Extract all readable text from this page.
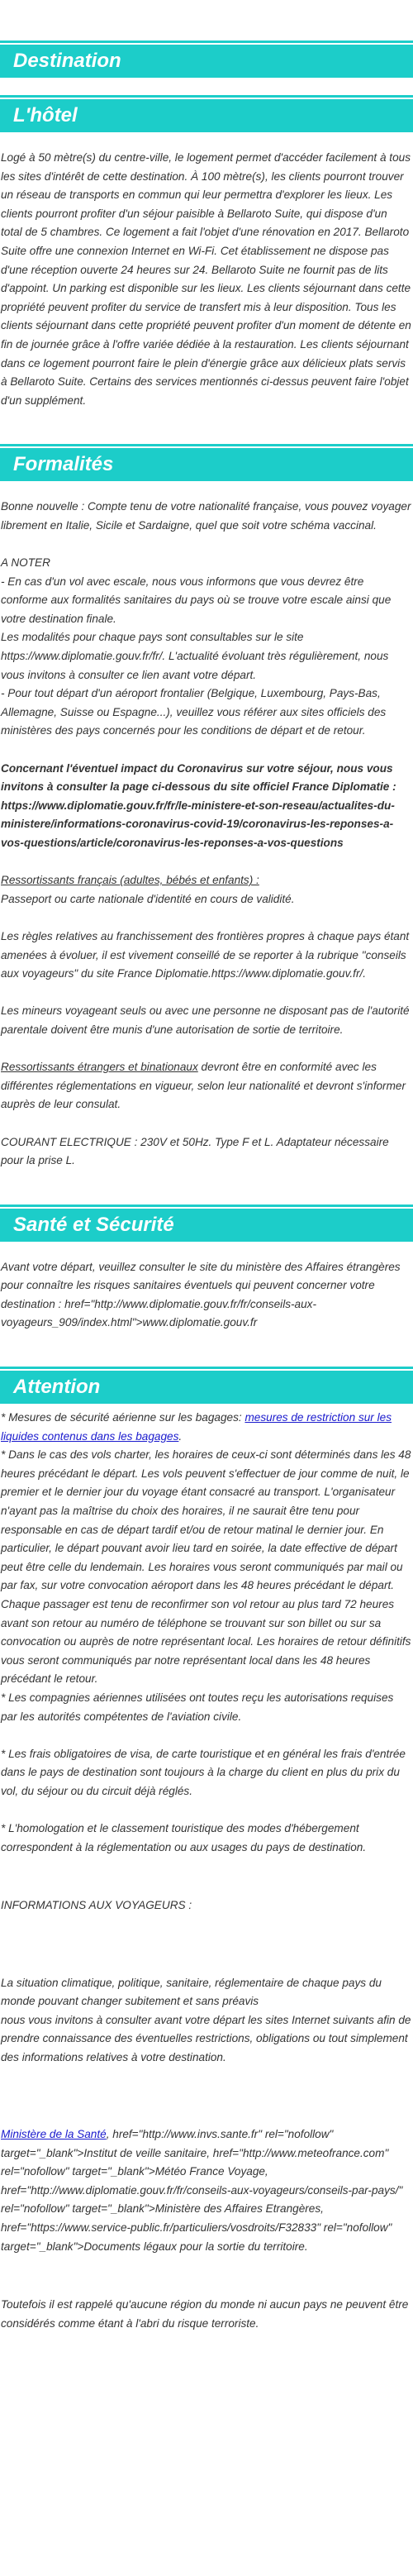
Destination
L'hôtel

Logé à 50 mètre(s) du centre-ville, le logement permet d'accéder facilement à tous les sites d'intérêt de cette destination. À 100 mètre(s), les clients pourront trouver un réseau de transports en commun qui leur permettra d'explorer les lieux. Les clients pourront profiter d'un séjour paisible à Bellaroto Suite, qui dispose d'un total de 5 chambres. Ce logement a fait l'objet d'une rénovation en 2017. Bellaroto Suite offre une connexion Internet en Wi-Fi. Cet établissement ne dispose pas d'une réception ouverte 24 heures sur 24. Bellaroto Suite ne fournit pas de lits d'appoint. Un parking est disponible sur les lieux. Les clients séjournant dans cette propriété peuvent profiter du service de transfert mis à leur disposition. Tous les clients séjournant dans cette propriété peuvent profiter d'un moment de détente en fin de journée grâce à l'offre variée dédiée à la restauration. Les clients séjournant dans ce logement pourront faire le plein d'énergie grâce aux délicieux plats servis à Bellaroto Suite. Certains des services mentionnés ci-dessus peuvent faire l'objet d'un supplément.

Formalités

Bonne nouvelle : Compte tenu de votre nationalité française, vous pouvez voyager librement en Italie, Sicile et Sardaigne, quel que soit votre schéma vaccinal.

A NOTER

- En cas d'un vol avec escale, nous vous informons que vous devrez être conforme aux formalités sanitaires du pays où se trouve votre escale ainsi que votre destination finale.

Les modalités pour chaque pays sont consultables sur le site https://www.diplomatie.gouv.fr/fr/. L'actualité évoluant très régulièrement, nous vous invitons à consulter ce lien avant votre départ.

- Pour tout départ d'un aéroport frontalier (Belgique, Luxembourg, Pays-Bas, Allemagne, Suisse ou Espagne...), veuillez vous référer aux sites officiels des ministères des pays concernés pour les conditions de départ et de retour.

Concernant l'éventuel impact du Coronavirus sur votre séjour, nous vous invitons à consulter la page ci-dessous du site officiel France Diplomatie : https://www.diplomatie.gouv.fr/fr/le-ministere-et-son-reseau/actualites-du-ministere/informations-coronavirus-covid-19/coronavirus-les-reponses-a-vos-questions/article/coronavirus-les-reponses-a-vos-questions

Ressortissants français (adultes, bébés et enfants) :

Passeport ou carte nationale d'identité en cours de validité.

Les règles relatives au franchissement des frontières propres à chaque pays étant amenées à évoluer, il est vivement conseillé de se reporter à la rubrique "conseils aux voyageurs" du site France Diplomatie.https://www.diplomatie.gouv.fr/.

Les mineurs voyageant seuls ou avec une personne ne disposant pas de l'autorité parentale doivent être munis d'une autorisation de sortie de territoire.

Ressortissants étrangers et binationaux devront être en conformité avec les différentes réglementations en vigueur, selon leur nationalité et devront s'informer auprès de leur consulat.

COURANT ELECTRIQUE : 230V et 50Hz. Type F et L. Adaptateur nécessaire pour la prise L.

Santé et Sécurité

Avant votre départ, veuillez consulter le site du ministère des Affaires étrangères pour connaître les risques sanitaires éventuels qui peuvent concerner votre destination : href="http://www.diplomatie.gouv.fr/fr/conseils-aux-voyageurs_909/index.html">www.diplomatie.gouv.fr

Attention

* Mesures de sécurité aérienne sur les bagages: mesures de restriction sur les liquides contenus dans les bagages.

* Dans le cas des vols charter, les horaires de ceux-ci sont déterminés dans les 48 heures précédant le départ. Les vols peuvent s'effectuer de jour comme de nuit, le premier et le dernier jour du voyage étant consacré au transport. L'organisateur n'ayant pas la maîtrise du choix des horaires, il ne saurait être tenu pour responsable en cas de départ tardif et/ou de retour matinal le dernier jour. En particulier, le départ pouvant avoir lieu tard en soirée, la date effective de départ peut être celle du lendemain. Les horaires vous seront communiqués par mail ou par fax, sur votre convocation aéroport dans les 48 heures précédant le départ. Chaque passager est tenu de reconfirmer son vol retour au plus tard 72 heures avant son retour au numéro de téléphone se trouvant sur son billet ou sur sa convocation ou auprès de notre représentant local. Les horaires de retour définitifs vous seront communiqués par notre représentant local dans les 48 heures précédant le retour.

* Les compagnies aériennes utilisées ont toutes reçu les autorisations requises par les autorités compétentes de l'aviation civile.

* Les frais obligatoires de visa, de carte touristique et en général les frais d'entrée dans le pays de destination sont toujours à la charge du client en plus du prix du vol, du séjour ou du circuit déjà réglés.

* L'homologation et le classement touristique des modes d'hébergement correspondent à la réglementation ou aux usages du pays de destination.

INFORMATIONS AUX VOYAGEURS :

La situation climatique, politique, sanitaire, réglementaire de chaque pays du monde pouvant changer subitement et sans préavis
nous vous invitons à consulter avant votre départ les sites Internet suivants afin de prendre connaissance des éventuelles restrictions, obligations ou tout simplement des informations relatives à votre destination.

Ministère de la Santé, href="http://www.invs.sante.fr" rel="nofollow" target="_blank">Institut de veille sanitaire, href="http://www.meteofrance.com" rel="nofollow" target="_blank">Météo France Voyage, href="http://www.diplomatie.gouv.fr/fr/conseils-aux-voyageurs/conseils-par-pays/" rel="nofollow" target="_blank">Ministère des Affaires Etrangères, href="https://www.service-public.fr/particuliers/vosdroits/F32833" rel="nofollow" target="_blank">Documents légaux pour la sortie du territoire.

Toutefois il est rappelé qu'aucune région du monde ni aucun pays ne peuvent être considérés comme étant à l'abri du risque terroriste.
